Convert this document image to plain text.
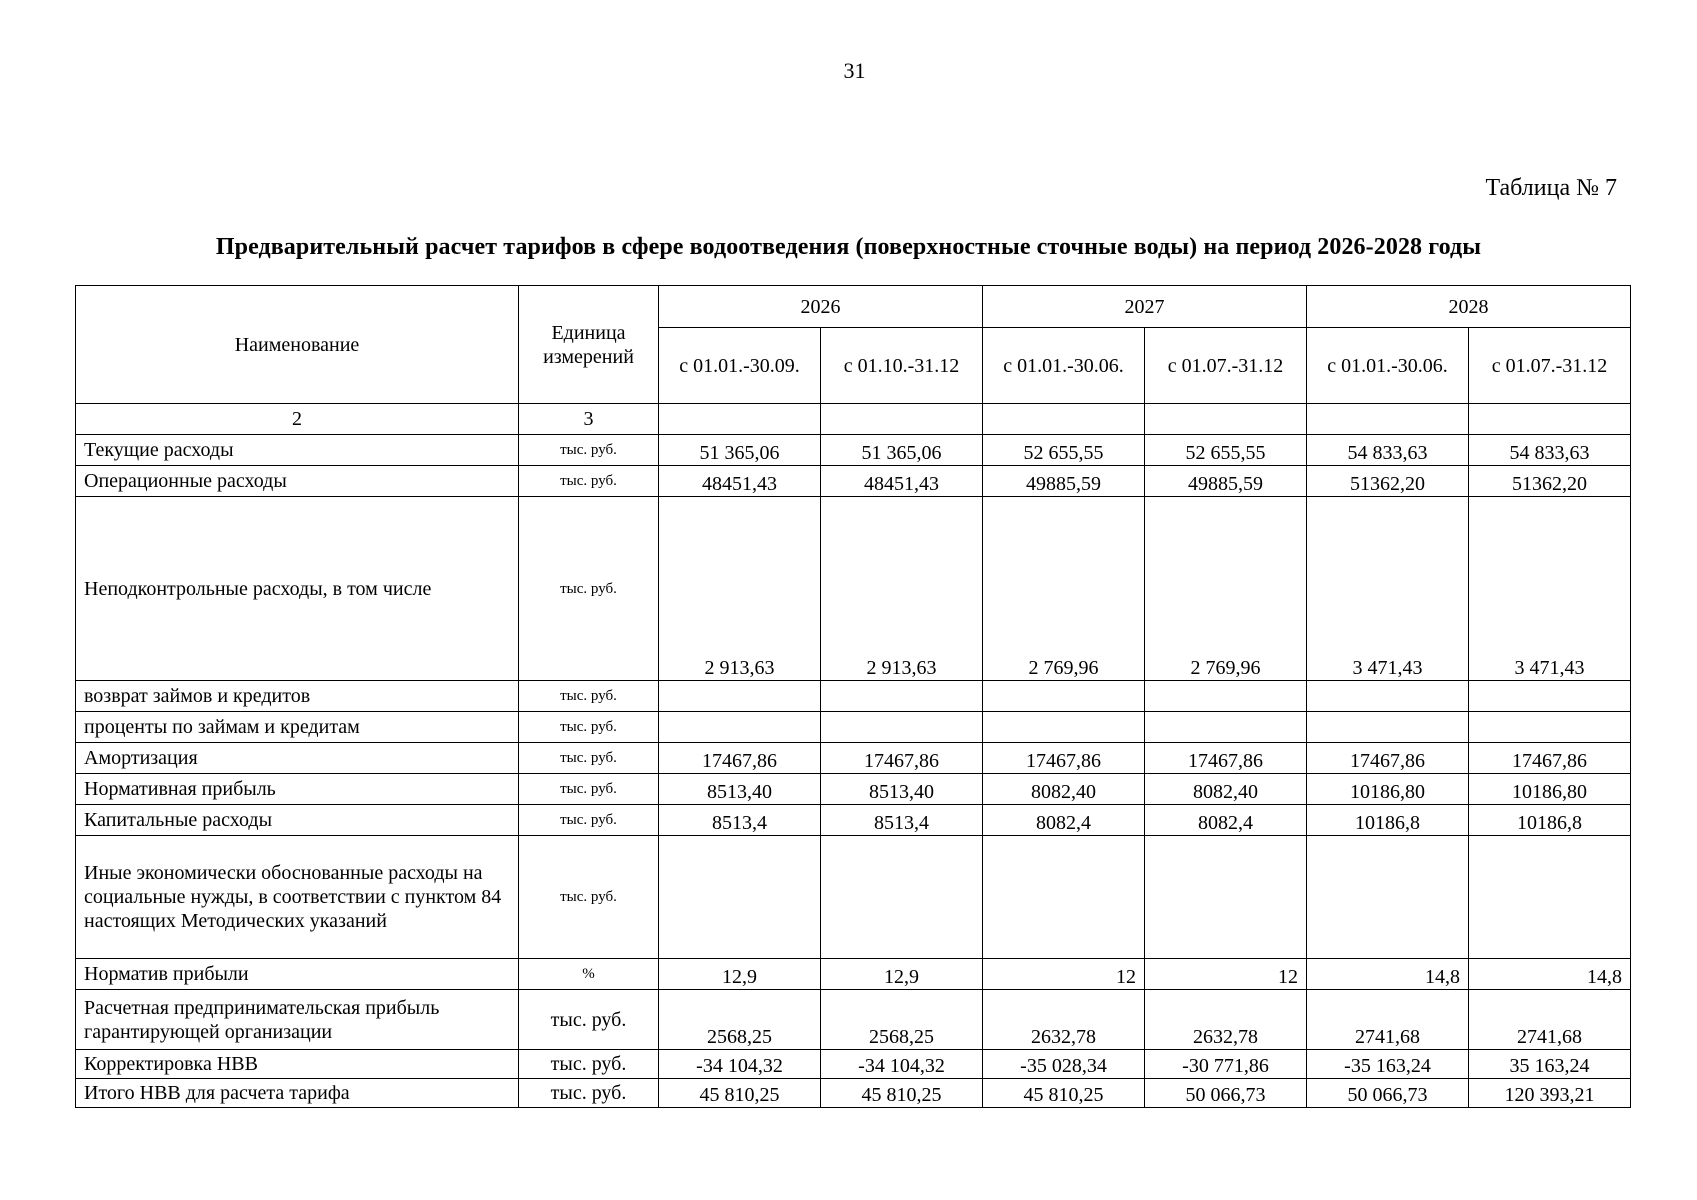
31
Таблица № 7
Предварительный расчет тарифов в сфере водоотведения (поверхностные сточные воды) на период 2026-2028 годы
Наименование	Единица измерений	2026		2027		2028	
		с 01.01.-30.09.	с 01.10.-31.12	с 01.01.-30.06.	с 01.07.-31.12	с 01.01.-30.06.	с 01.07.-31.12
2	3						
Текущие расходы	тыс. руб.	51 365,06	51 365,06	52 655,55	52 655,55	54 833,63	54 833,63
Операционные расходы	тыс. руб.	48451,43	48451,43	49885,59	49885,59	51362,20	51362,20
Неподконтрольные расходы, в том числе	тыс. руб.	2 913,63	2 913,63	2 769,96	2 769,96	3 471,43	3 471,43
возврат займов и кредитов	тыс. руб.						
проценты по займам и кредитам	тыс. руб.						
Амортизация	тыс. руб.	17467,86	17467,86	17467,86	17467,86	17467,86	17467,86
Нормативная прибыль	тыс. руб.	8513,40	8513,40	8082,40	8082,40	10186,80	10186,80
Капитальные расходы	тыс. руб.	8513,4	8513,4	8082,4	8082,4	10186,8	10186,8
Иные экономически обоснованные расходы на социальные нужды, в соответствии с пунктом 84 настоящих Методических указаний	тыс. руб.						
Норматив прибыли	%	12,9	12,9	12	12	14,8	14,8
Расчетная предпринимательская прибыль гарантирующей организации	тыс. руб.	2568,25	2568,25	2632,78	2632,78	2741,68	2741,68
Корректировка НВВ	тыс. руб.	-34 104,32	-34 104,32	-35 028,34	-30 771,86	-35 163,24	35 163,24
Итого НВВ для расчета тарифа	тыс. руб.	45 810,25	45 810,25	45 810,25	50 066,73	50 066,73	120 393,21
